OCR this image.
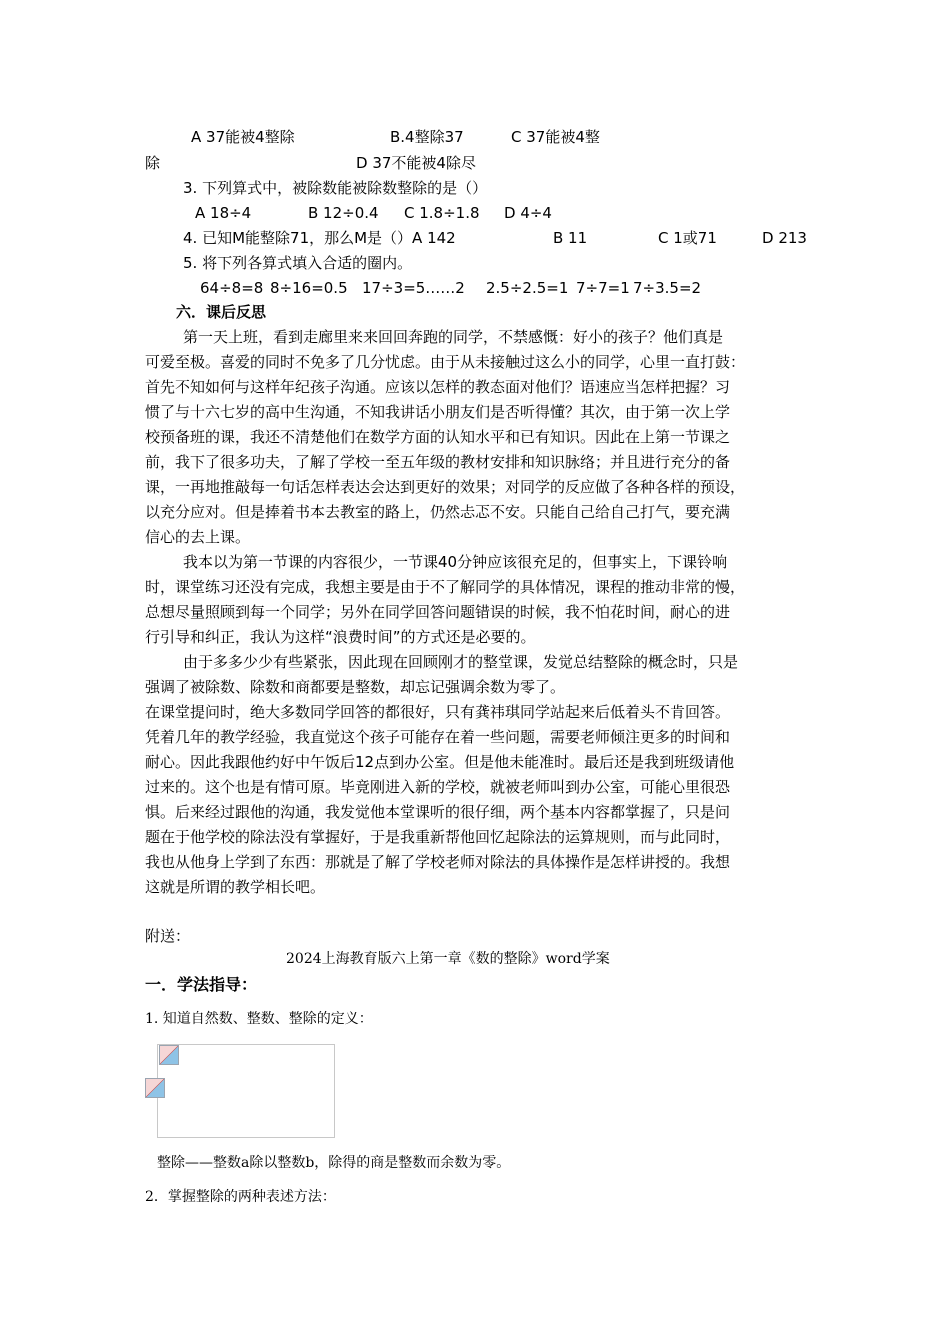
A 37能被4整除	B.4整除37	C 37能被4整
除	D 37不能被4除尽
3. 下列算式中，被除数能被除数整除的是（）
A 18÷4	B 12÷0.4 C 1.8÷1.8 D 4÷4
4. 已知M能整除71，那么M是（）A 142	B 11	C 1或71	D 213
5. 将下列各算式填入合适的圈内。
64÷8=8 8÷16=0.5 17÷3=5……2 2.5÷2.5=1 7÷7=1 7÷3.5=2
六．课后反思
第一天上班，看到走廊里来来回回奔跑的同学，不禁感慨：好小的孩子？他们真是
可爱至极。喜爱的同时不免多了几分忧虑。由于从未接触过这么小的同学，心里一直打鼓：
首先不知如何与这样年纪孩子沟通。应该以怎样的教态面对他们？语速应当怎样把握？习
惯了与十六七岁的高中生沟通，不知我讲话小朋友们是否听得懂？其次，由于第一次上学
校预备班的课，我还不清楚他们在数学方面的认知水平和已有知识。因此在上第一节课之
前，我下了很多功夫，了解了学校一至五年级的教材安排和知识脉络；并且进行充分的备
课，一再地推敲每一句话怎样表达会达到更好的效果；对同学的反应做了各种各样的预设，
以充分应对。但是捧着书本去教室的路上，仍然忐忑不安。只能自己给自己打气，要充满
信心的去上课。
我本以为第一节课的内容很少，一节课40分钟应该很充足的，但事实上，下课铃响
时，课堂练习还没有完成，我想主要是由于不了解同学的具体情况，课程的推动非常的慢，
总想尽量照顾到每一个同学；另外在同学回答问题错误的时候，我不怕花时间，耐心的进
行引导和纠正，我认为这样“浪费时间”的方式还是必要的。
由于多多少少有些紧张，因此现在回顾刚才的整堂课，发觉总结整除的概念时，只是
强调了被除数、除数和商都要是整数，却忘记强调余数为零了。
在课堂提问时，绝大多数同学回答的都很好，只有龚祎琪同学站起来后低着头不肯回答。
凭着几年的教学经验，我直觉这个孩子可能存在着一些问题，需要老师倾注更多的时间和
耐心。因此我跟他约好中午饭后12点到办公室。但是他未能准时。最后还是我到班级请他
过来的。这个也是有情可原。毕竟刚进入新的学校，就被老师叫到办公室，可能心里很恐
惧。后来经过跟他的沟通，我发觉他本堂课听的很仔细，两个基本内容都掌握了，只是问
题在于他学校的除法没有掌握好，于是我重新帮他回忆起除法的运算规则，而与此同时，
我也从他身上学到了东西：那就是了解了学校老师对除法的具体操作是怎样讲授的。我想
这就是所谓的教学相长吧。
附送：
2024上海教育版六上第一章《数的整除》word学案
一．学法指导：
1. 知道自然数、整数、整除的定义：
整除——整数a除以整数b，除得的商是整数而余数为零。
2．掌握整除的两种表述方法：
